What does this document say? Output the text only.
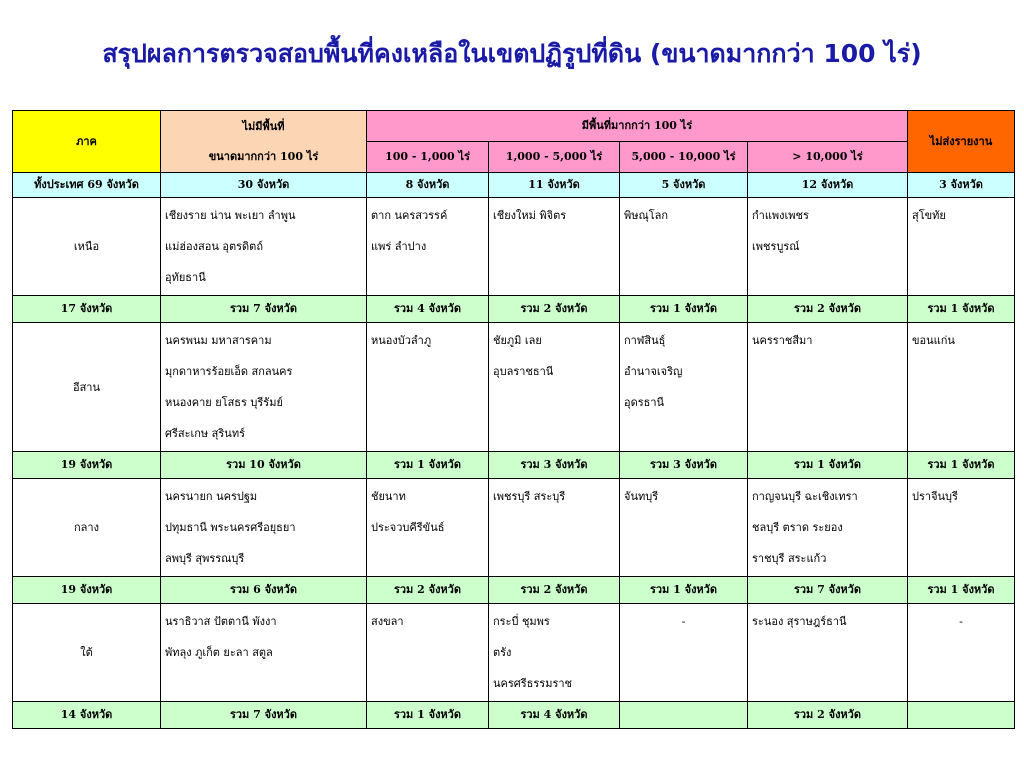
สรุปผลการตรวจสอบพื้นที่คงเหลือในเขตปฏิรูปที่ดิน (ขนาดมากกว่า 100 ไร่)
ภาค	ไม่มีพื้นที่
ขนาดมากกว่า 100 ไร่	มีพื้นที่มากกว่า 100 ไร่				ไม่ส่งรายงาน
		100 - 1,000 ไร่	1,000 - 5,000 ไร่	5,000 - 10,000 ไร่	> 10,000 ไร่	
ทั้งประเทศ 69 จังหวัด	30 จังหวัด	8 จังหวัด	11 จังหวัด	5 จังหวัด	12 จังหวัด	3 จังหวัด
เหนือ	เชียงราย น่าน พะเยา ลำพูน
แม่ฮ่องสอน อุตรดิตถ์
อุทัยธานี	ตาก นครสวรรค์
แพร่ ลำปาง	เชียงใหม่ พิจิตร	พิษณุโลก	กำแพงเพชร
เพชรบูรณ์	สุโขทัย

17 จังหวัด	รวม 7 จังหวัด	รวม 4 จังหวัด	รวม 2 จังหวัด	รวม 1 จังหวัด	รวม 2 จังหวัด	รวม 1 จังหวัด
อีสาน	นครพนม มหาสารคาม
มุกดาหารร้อยเอ็ด สกลนคร
หนองคาย ยโสธร บุรีรัมย์
ศรีสะเกษ สุรินทร์	หนองบัวลำภู	ชัยภูมิ เลย
อุบลราชธานี	กาฬสินธุ์
อำนาจเจริญ
อุดรธานี	นครราชสีมา	ขอนแก่น

19 จังหวัด	รวม 10 จังหวัด	รวม 1 จังหวัด	รวม 3 จังหวัด	รวม 3 จังหวัด	รวม 1 จังหวัด	รวม 1 จังหวัด
กลาง	นครนายก นครปฐม
ปทุมธานี พระนครศรีอยุธยา
ลพบุรี สุพรรณบุรี	ชัยนาท
ประจวบคีรีขันธ์	เพชรบุรี สระบุรี	จันทบุรี	กาญจนบุรี ฉะเชิงเทรา
ชลบุรี ตราด ระยอง
ราชบุรี สระแก้ว	ปราจีนบุรี

19 จังหวัด	รวม 6 จังหวัด	รวม 2 จังหวัด	รวม 2 จังหวัด	รวม 1 จังหวัด	รวม 7 จังหวัด	รวม 1 จังหวัด
ใต้	นราธิวาส ปัตตานี พังงา
พัทลุง ภูเก็ต ยะลา สตูล	สงขลา	กระบี่ ชุมพร
ตรัง
นครศรีธรรมราช	-	ระนอง สุราษฎร์ธานี	-

14 จังหวัด	รวม 7 จังหวัด	รวม 1 จังหวัด	รวม 4 จังหวัด		รวม 2 จังหวัด	
